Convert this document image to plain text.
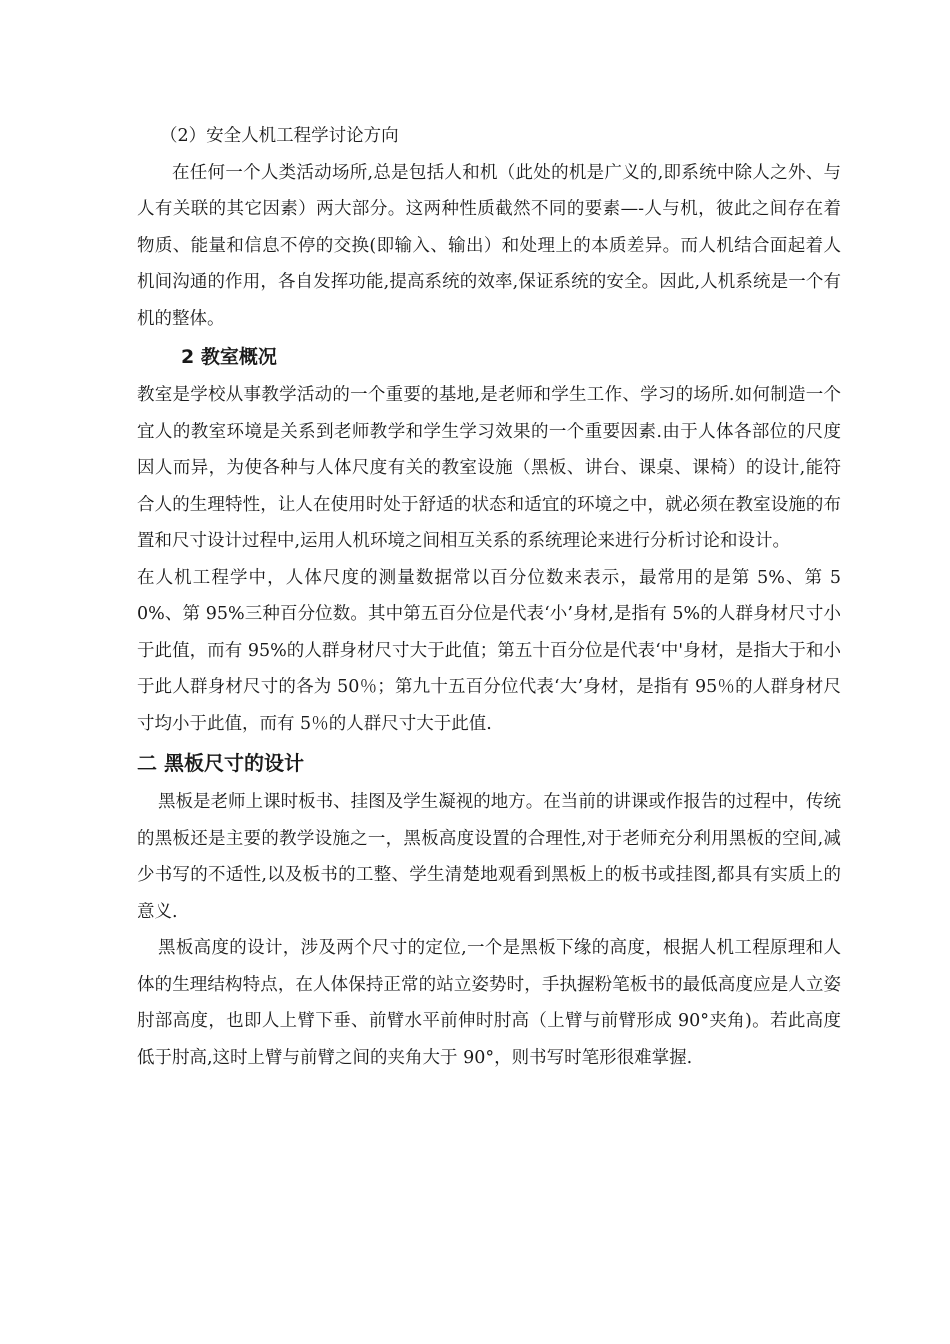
（2）安全人机工程学讨论方向

在任何一个人类活动场所,总是包括人和机（此处的机是广义的,即系统中除人之外、与人有关联的其它因素）两大部分。这两种性质截然不同的要素—-人与机，彼此之间存在着物质、能量和信息不停的交换(即输入、输出）和处理上的本质差异。而人机结合面起着人机间沟通的作用，各自发挥功能,提高系统的效率,保证系统的安全。因此,人机系统是一个有机的整体。

2 教室概况

教室是学校从事教学活动的一个重要的基地,是老师和学生工作、学习的场所.如何制造一个宜人的教室环境是关系到老师教学和学生学习效果的一个重要因素.由于人体各部位的尺度因人而异，为使各种与人体尺度有关的教室设施（黑板、讲台、课桌、课椅）的设计,能符合人的生理特性，让人在使用时处于舒适的状态和适宜的环境之中，就必须在教室设施的布置和尺寸设计过程中,运用人机环境之间相互关系的系统理论来进行分析讨论和设计。

在人机工程学中，人体尺度的测量数据常以百分位数来表示，最常用的是第 5%、第 50%、第 95%三种百分位数。其中第五百分位是代表‘小’身材,是指有 5%的人群身材尺寸小于此值，而有 95%的人群身材尺寸大于此值；第五十百分位是代表‘中'身材，是指大于和小于此人群身材尺寸的各为 50％；第九十五百分位代表‘大’身材，是指有 95％的人群身材尺寸均小于此值，而有 5％的人群尺寸大于此值.

二 黑板尺寸的设计

黑板是老师上课时板书、挂图及学生凝视的地方。在当前的讲课或作报告的过程中，传统的黑板还是主要的教学设施之一，黑板高度设置的合理性,对于老师充分利用黑板的空间,减少书写的不适性,以及板书的工整、学生清楚地观看到黑板上的板书或挂图,都具有实质上的意义.

黑板高度的设计，涉及两个尺寸的定位,一个是黑板下缘的高度，根据人机工程原理和人体的生理结构特点，在人体保持正常的站立姿势时，手执握粉笔板书的最低高度应是人立姿肘部高度，也即人上臂下垂、前臂水平前伸时肘高（上臂与前臂形成 90°夹角)。若此高度低于肘高,这时上臂与前臂之间的夹角大于 90°，则书写时笔形很难掌握.
